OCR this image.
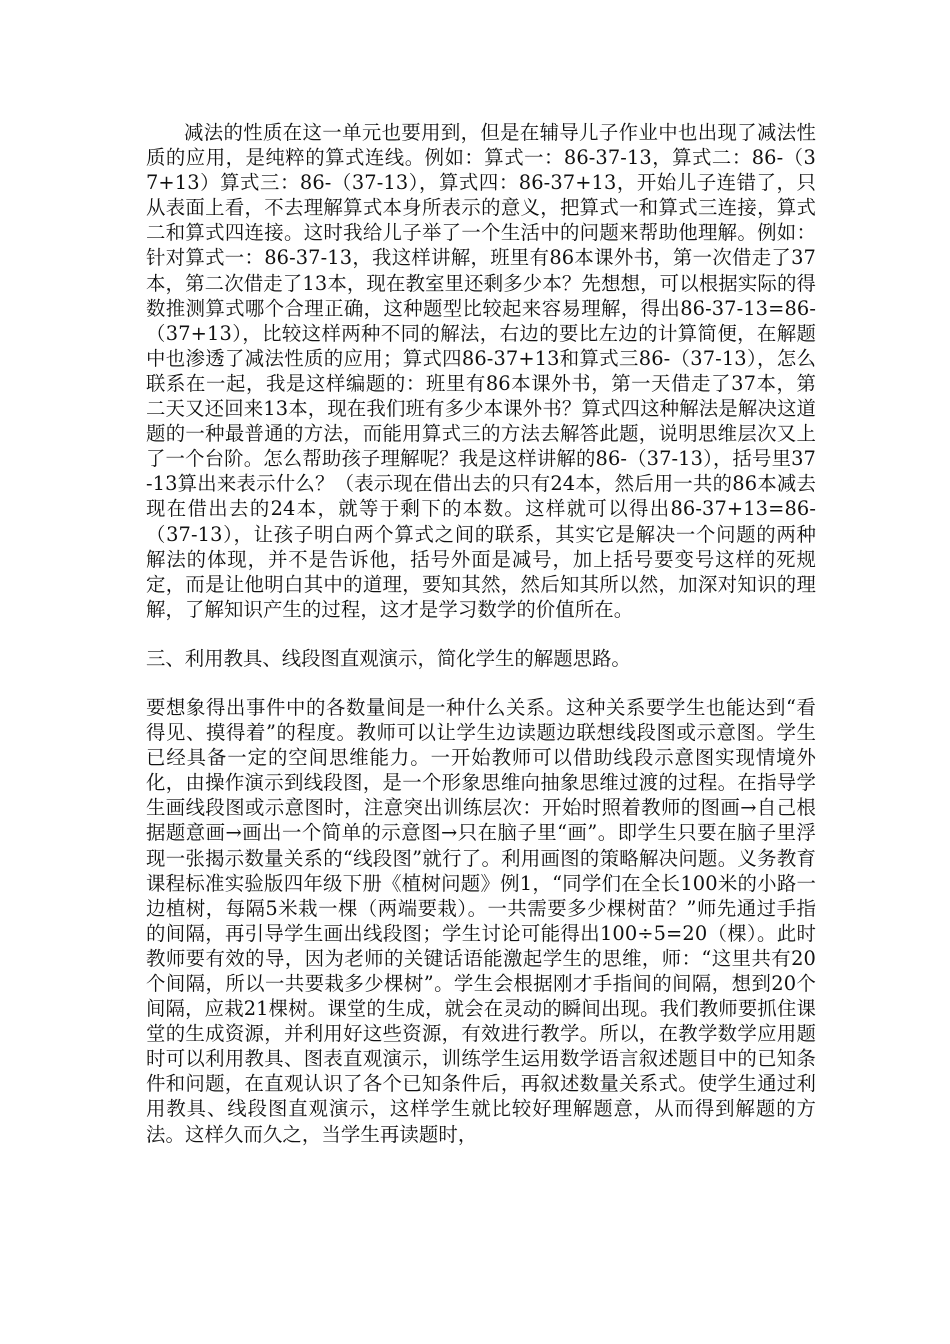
减法的性质在这一单元也要用到，但是在辅导儿子作业中也出现了减法性质的应用，是纯粹的算式连线。例如：算式一：86-37-13，算式二：86-（37+13）算式三：86-（37-13），算式四：86-37+13，开始儿子连错了，只从表面上看，不去理解算式本身所表示的意义，把算式一和算式三连接，算式二和算式四连接。这时我给儿子举了一个生活中的问题来帮助他理解。例如：针对算式一：86-37-13，我这样讲解，班里有86本课外书，第一次借走了37本，第二次借走了13本，现在教室里还剩多少本？先想想，可以根据实际的得数推测算式哪个合理正确，这种题型比较起来容易理解，得出86-37-13=86-（37+13），比较这样两种不同的解法，右边的要比左边的计算简便，在解题中也渗透了减法性质的应用；算式四86-37+13和算式三86-（37-13），怎么联系在一起，我是这样编题的：班里有86本课外书，第一天借走了37本，第二天又还回来13本，现在我们班有多少本课外书？算式四这种解法是解决这道题的一种最普通的方法，而能用算式三的方法去解答此题，说明思维层次又上了一个台阶。怎么帮助孩子理解呢？我是这样讲解的86-（37-13），括号里37-13算出来表示什么？（表示现在借出去的只有24本，然后用一共的86本减去现在借出去的24本，就等于剩下的本数。这样就可以得出86-37+13=86-（37-13），让孩子明白两个算式之间的联系，其实它是解决一个问题的两种解法的体现，并不是告诉他，括号外面是减号，加上括号要变号这样的死规定，而是让他明白其中的道理，要知其然，然后知其所以然，加深对知识的理解，了解知识产生的过程，这才是学习数学的价值所在。

三、利用教具、线段图直观演示，简化学生的解题思路。

要想象得出事件中的各数量间是一种什么关系。这种关系要学生也能达到“看得见、摸得着”的程度。教师可以让学生边读题边联想线段图或示意图。学生已经具备一定的空间思维能力。一开始教师可以借助线段示意图实现情境外化，由操作演示到线段图，是一个形象思维向抽象思维过渡的过程。在指导学生画线段图或示意图时，注意突出训练层次：开始时照着教师的图画→自己根据题意画→画出一个简单的示意图→只在脑子里“画”。即学生只要在脑子里浮现一张揭示数量关系的“线段图”就行了。利用画图的策略解决问题。义务教育课程标准实验版四年级下册《植树问题》例1，“同学们在全长100米的小路一边植树，每隔5米栽一棵（两端要栽）。一共需要多少棵树苗？”师先通过手指的间隔，再引导学生画出线段图；学生讨论可能得出100÷5=20（棵）。此时教师要有效的导，因为老师的关键话语能激起学生的思维，师：“这里共有20个间隔，所以一共要栽多少棵树”。学生会根据刚才手指间的间隔，想到20个间隔，应栽21棵树。课堂的生成，就会在灵动的瞬间出现。我们教师要抓住课堂的生成资源，并利用好这些资源，有效进行教学。所以，在教学数学应用题时可以利用教具、图表直观演示，训练学生运用数学语言叙述题目中的已知条件和问题，在直观认识了各个已知条件后，再叙述数量关系式。使学生通过利用教具、线段图直观演示，这样学生就比较好理解题意，从而得到解题的方法。这样久而久之，当学生再读题时，
